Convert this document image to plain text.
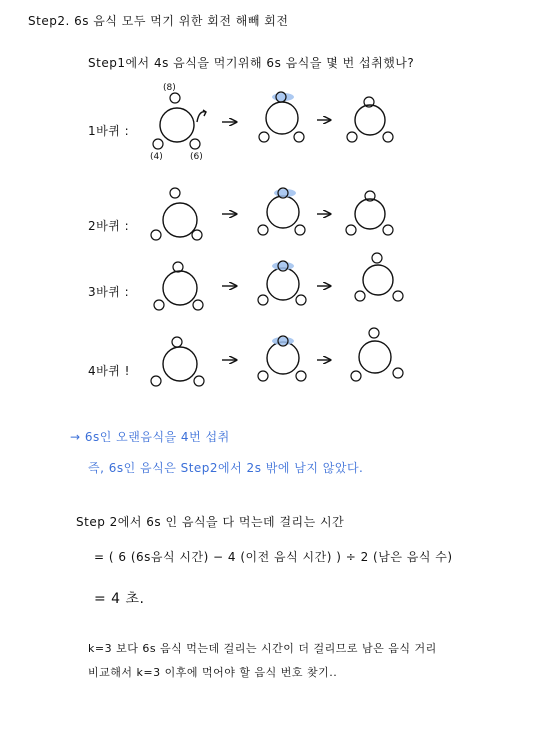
Step2. 6s 음식 모두 먹기 위한 회전 해빼 회전
Step1에서 4s 음식을 먹기위해 6s 음식을 몇 번 섭취했나?
1바퀴 :
2바퀴 :
3바퀴 :
4바퀴 !
(8)
(4)	(6)
→ 6s인 오랜음식을 4번 섭취
즉, 6s인 음식은 Step2에서 2s 밖에 남지 않았다.
Step 2에서 6s 인 음식을 다 먹는데 걸리는 시간
= ( 6 (6s음식 시간) − 4 (이전 음식 시간) ) ÷ 2 (남은 음식 수)
= 4 초.
k=3 보다 6s 음식 먹는데 걸리는 시간이 더 걸리므로 남은 음식 거리
비교해서 k=3 이후에 먹어야 할 음식 번호 찾기..
